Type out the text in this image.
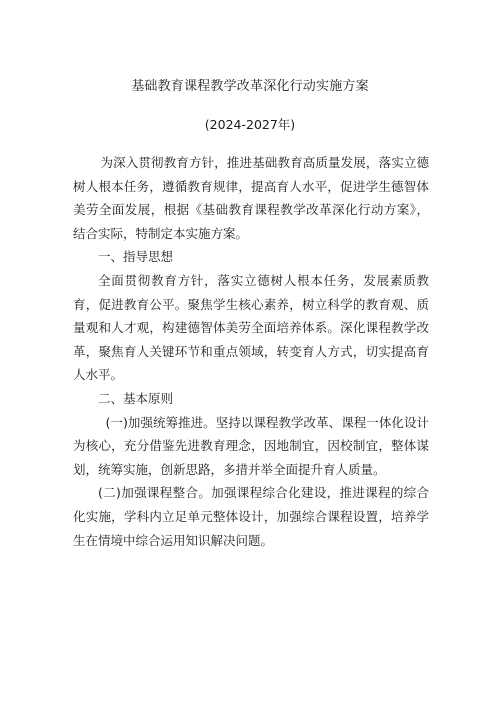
基础教育课程教学改革深化行动实施方案
(2024-2027年)

为深入贯彻教育方针，推进基础教育高质量发展，落实立德树人根本任务，遵循教育规律，提高育人水平，促进学生德智体美劳全面发展，根据《基础教育课程教学改革深化行动方案》，结合实际，特制定本实施方案。

一、指导思想

全面贯彻教育方针，落实立德树人根本任务，发展素质教育，促进教育公平。聚焦学生核心素养，树立科学的教育观、质量观和人才观，构建德智体美劳全面培养体系。深化课程教学改革，聚焦育人关键环节和重点领域，转变育人方式，切实提高育人水平。

二、基本原则

(一)加强统筹推进。坚持以课程教学改革、课程一体化设计为核心，充分借鉴先进教育理念，因地制宜，因校制宜，整体谋划，统筹实施，创新思路，多措并举全面提升育人质量。

(二)加强课程整合。加强课程综合化建设，推进课程的综合化实施，学科内立足单元整体设计，加强综合课程设置，培养学生在情境中综合运用知识解决问题。
